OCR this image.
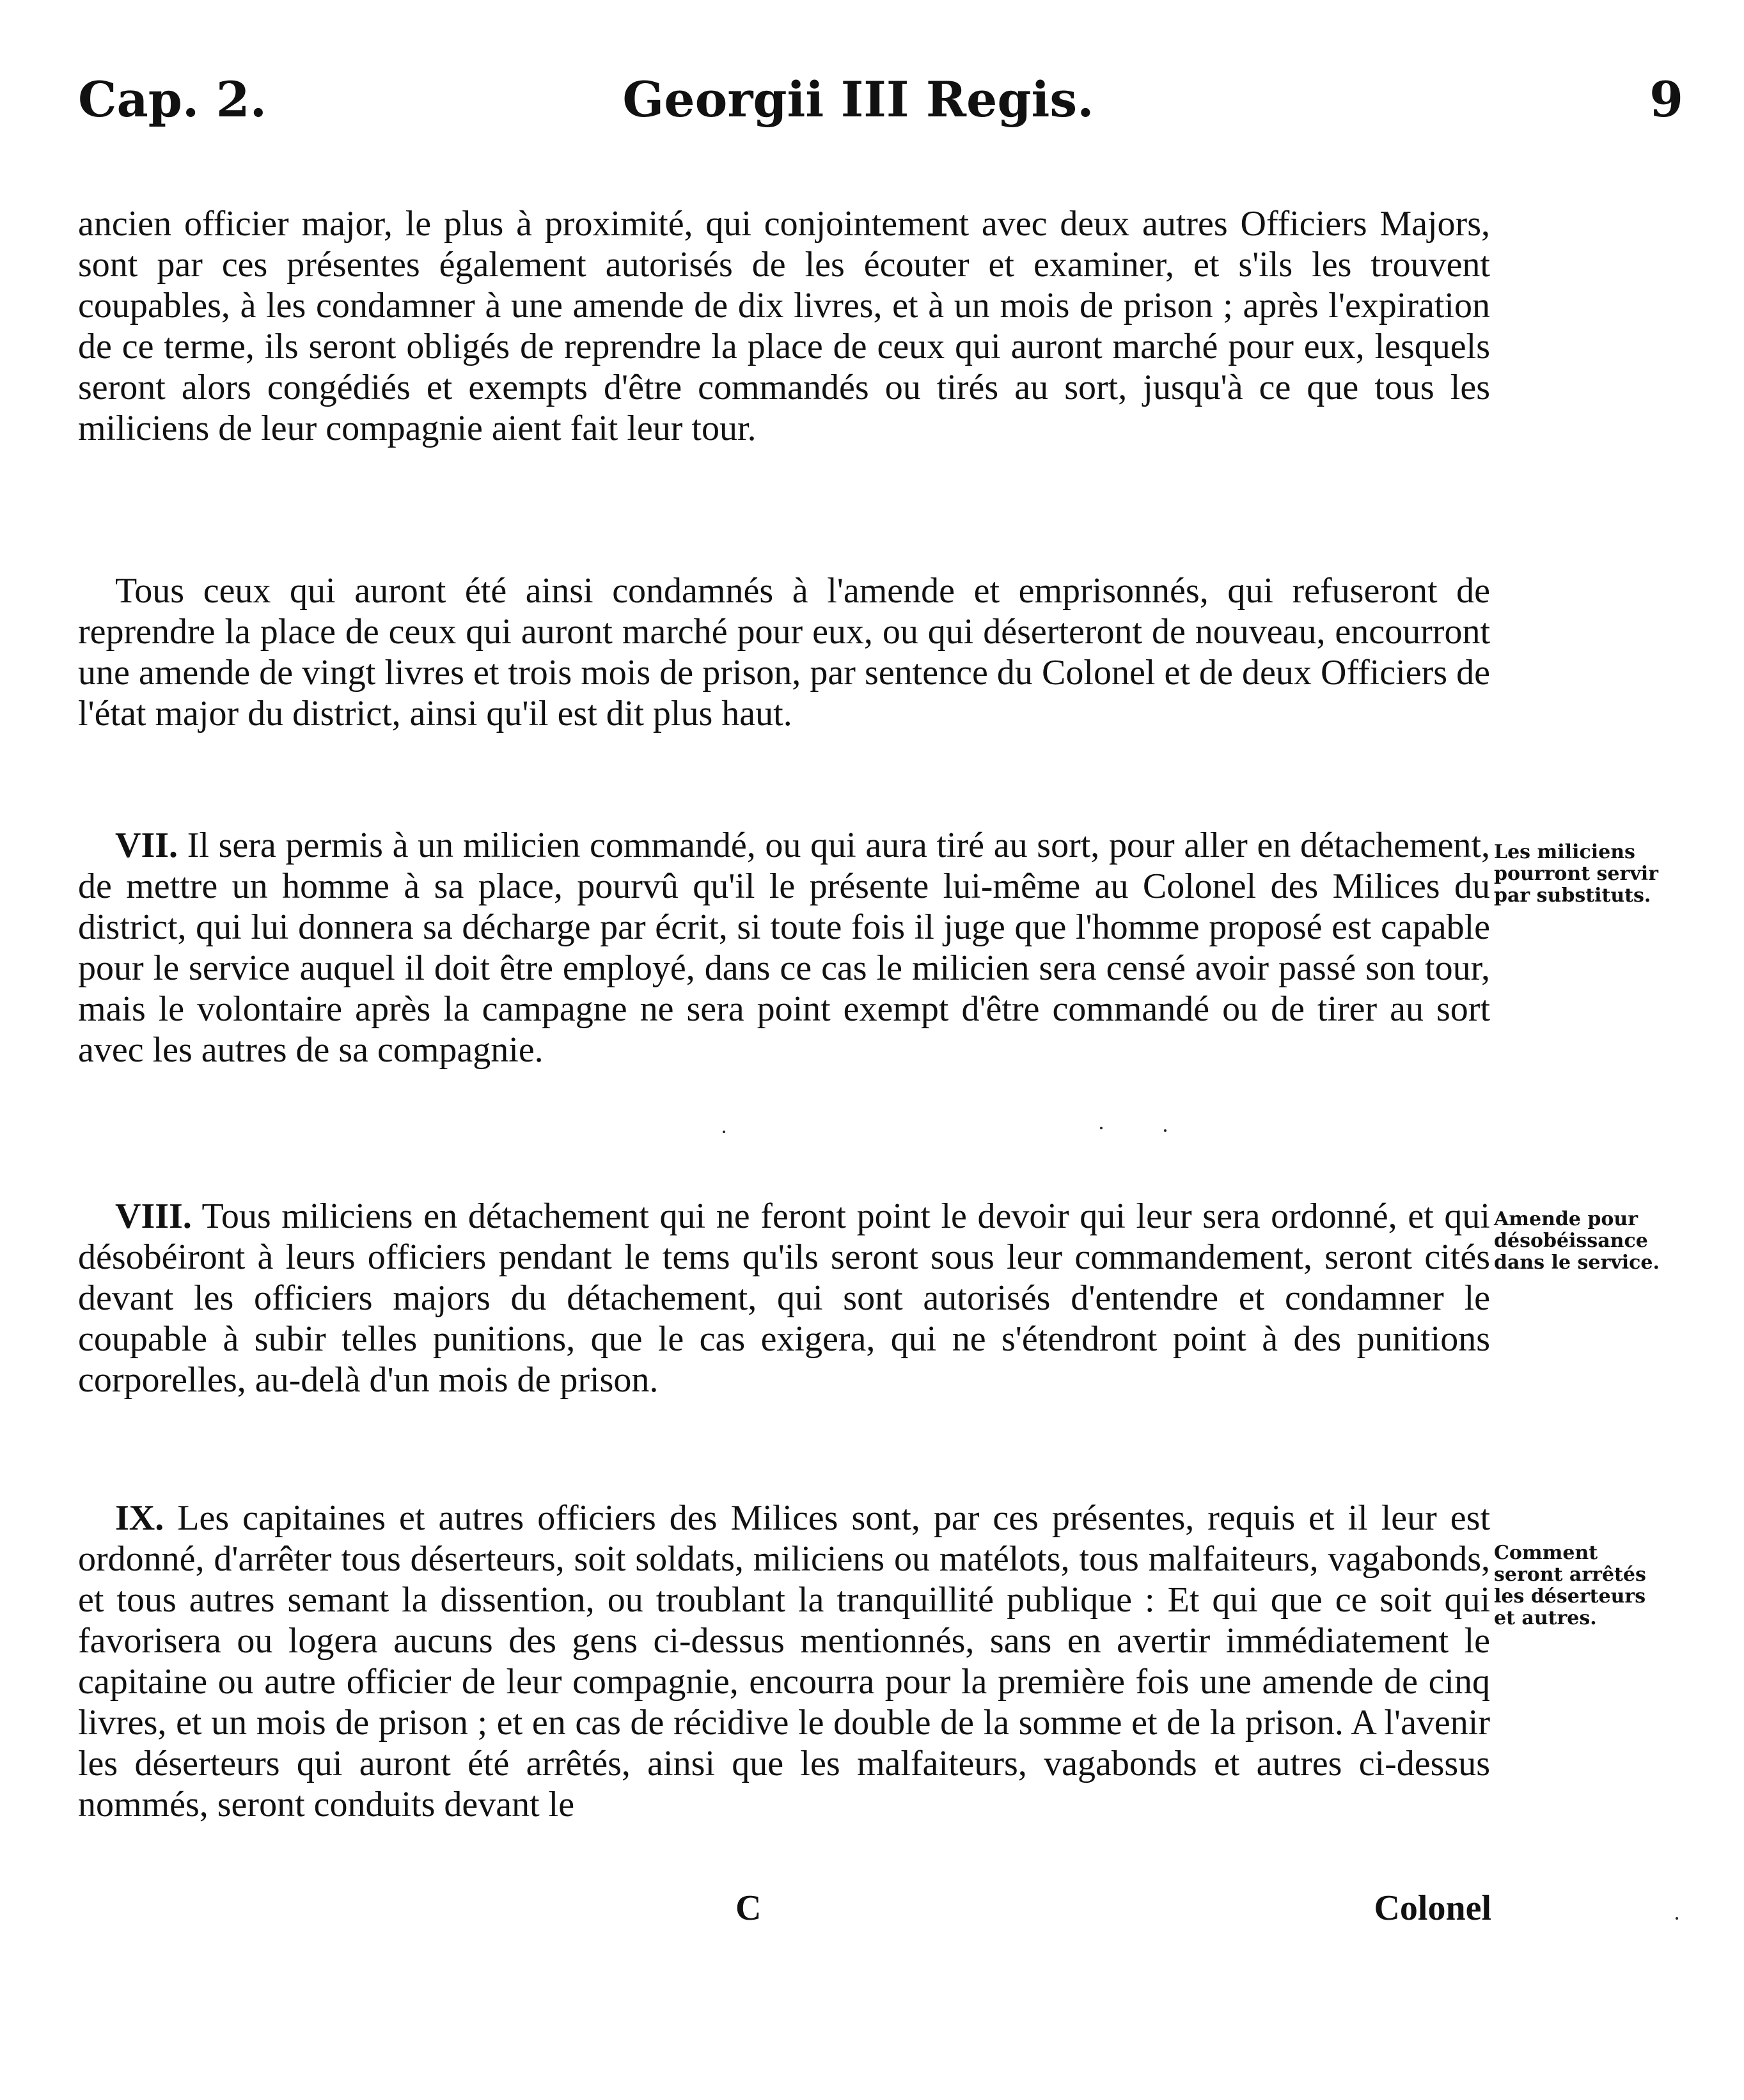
Cap. 2.	Georgii III Regis.	9
ancien officier major, le plus à proximité, qui conjointement avec deux autres Officiers Majors, sont par ces présentes également autorisés de les écouter et examiner, et s'ils les trouvent coupables, à les condamner à une amende de dix livres, et à un mois de prison ; après l'expiration de ce terme, ils seront obligés de reprendre la place de ceux qui auront marché pour eux, lesquels seront alors congédiés et exempts d'être commandés ou tirés au sort, jusqu'à ce que tous les miliciens de leur compagnie aient fait leur tour.
Tous ceux qui auront été ainsi condamnés à l'amende et emprisonnés, qui refuseront de reprendre la place de ceux qui auront marché pour eux, ou qui déserteront de nouveau, encourront une amende de vingt livres et trois mois de prison, par sentence du Colonel et de deux Officiers de l'état major du district, ainsi qu'il est dit plus haut.
VII. Il sera permis à un milicien commandé, ou qui aura tiré au sort, pour aller en détachement, de mettre un homme à sa place, pourvû qu'il le présente lui-même au Colonel des Milices du district, qui lui donnera sa décharge par écrit, si toute fois il juge que l'homme proposé est capable pour le service auquel il doit être employé, dans ce cas le milicien sera censé avoir passé son tour, mais le volontaire après la campagne ne sera point exempt d'être commandé ou de tirer au sort avec les autres de sa compagnie.
Les miliciens pourront servir par substituts.
VIII. Tous miliciens en détachement qui ne feront point le devoir qui leur sera ordonné, et qui désobéiront à leurs officiers pendant le tems qu'ils seront sous leur commandement, seront cités devant les officiers majors du détachement, qui sont autorisés d'entendre et condamner le coupable à subir telles punitions, que le cas exigera, qui ne s'étendront point à des punitions corporelles, au-delà d'un mois de prison.
Amende pour désobéissance dans le service.
IX. Les capitaines et autres officiers des Milices sont, par ces présentes, requis et il leur est ordonné, d'arrêter tous déserteurs, soit soldats, miliciens ou matélots, tous malfaiteurs, vagabonds, et tous autres semant la dissention, ou troublant la tranquillité publique : Et qui que ce soit qui favorisera ou logera aucuns des gens ci-dessus mentionnés, sans en avertir immédiatement le capitaine ou autre officier de leur compagnie, encourra pour la première fois une amende de cinq livres, et un mois de prison ; et en cas de récidive le double de la somme et de la prison. A l'avenir les déserteurs qui auront été arrêtés, ainsi que les malfaiteurs, vagabonds et autres ci-dessus nommés, seront conduits devant le
Comment seront arrêtés les déserteurs et autres.
C	Colonel
